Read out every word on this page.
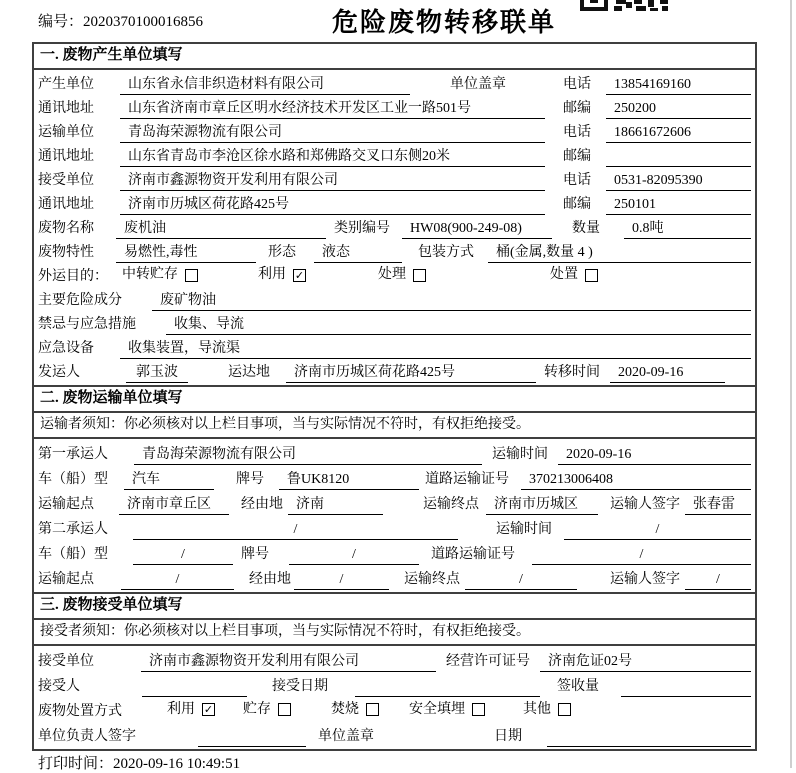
编号：2020370100016856	危险废物转移联单
一. 废物产生单位填写
产生单位	山东省永信非织造材料有限公司	单位盖章	电话	13854169160
通讯地址	山东省济南市章丘区明水经济技术开发区工业一路501号	邮编	250200
运输单位	青岛海荣源物流有限公司	电话	18661672606
通讯地址	山东省青岛市李沧区徐水路和郑佛路交叉口东侧20米	邮编
接受单位	济南市鑫源物资开发利用有限公司	电话	0531-82095390
通讯地址	济南市历城区荷花路425号	邮编	250101
废物名称	废机油	类别编号	HW08(900-249-08)	数量	0.8吨
废物特性	易燃性,毒性	形态	液态	包装方式	桶(金属,数量 4 )
外运目的： 中转贮存	利用 ✓	处理	处置
主要危险成分	废矿物油
禁忌与应急措施	收集、导流
应急设备	收集装置，导流渠
发运人	郭玉波	运达地	济南市历城区荷花路425号	转移时间	2020-09-16
二. 废物运输单位填写
运输者须知：你必须核对以上栏目事项，当与实际情况不符时，有权拒绝接受。
第一承运人	青岛海荣源物流有限公司	运输时间	2020-09-16
车（船）型	汽车	牌号	鲁UK8120	道路运输证号	370213006408
运输起点	济南市章丘区	经由地 济南	运输终点	济南市历城区	运输人签字 张春雷
第二承运人	/	运输时间	/
车（船）型	/	牌号	/	道路运输证号	/
运输起点	/	经由地	/	运输终点	/	运输人签字	/
三. 废物接受单位填写
接受者须知：你必须核对以上栏目事项，当与实际情况不符时，有权拒绝接受。
接受单位	济南市鑫源物资开发利用有限公司	经营许可证号	济南危证02号
接受人	接受日期	签收量
废物处置方式	利用 ✓ 贮存	焚烧	安全填埋	其他
单位负责人签字	单位盖章	日期
打印时间：2020-09-16 10:49:51
